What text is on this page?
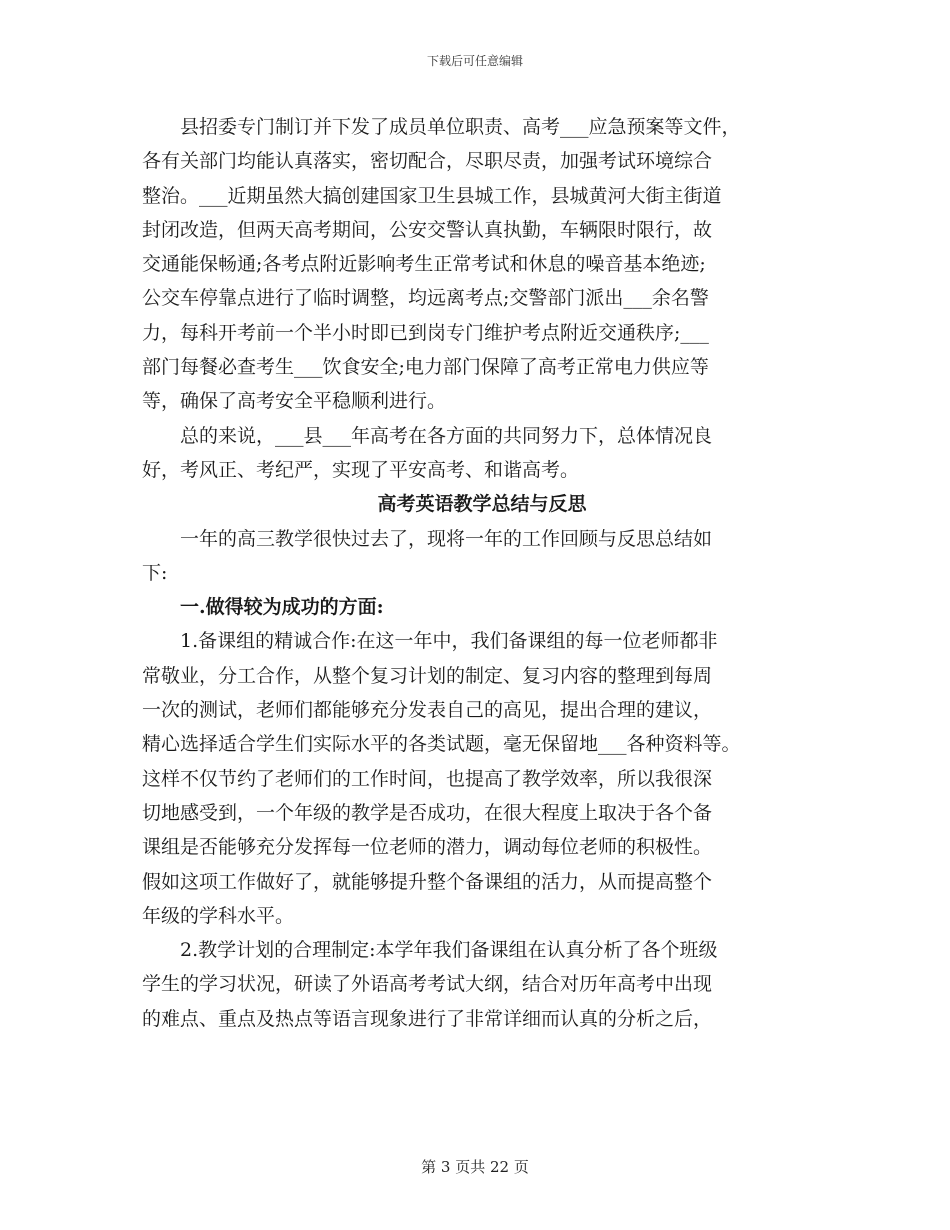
下载后可任意编辑
县招委专门制订并下发了成员单位职责、高考___应急预案等文件，
各有关部门均能认真落实，密切配合，尽职尽责，加强考试环境综合
整治。___近期虽然大搞创建国家卫生县城工作，县城黄河大街主街道
封闭改造，但两天高考期间，公安交警认真执勤，车辆限时限行，故
交通能保畅通;各考点附近影响考生正常考试和休息的噪音基本绝迹;
公交车停靠点进行了临时调整，均远离考点;交警部门派出___余名警
力，每科开考前一个半小时即已到岗专门维护考点附近交通秩序;___
部门每餐必查考生___饮食安全;电力部门保障了高考正常电力供应等
等，确保了高考安全平稳顺利进行。
总的来说，___县___年高考在各方面的共同努力下，总体情况良
好，考风正、考纪严，实现了平安高考、和谐高考。
高考英语教学总结与反思
一年的高三教学很快过去了，现将一年的工作回顾与反思总结如
下:
一.做得较为成功的方面:
1.备课组的精诚合作:在这一年中，我们备课组的每一位老师都非
常敬业，分工合作，从整个复习计划的制定、复习内容的整理到每周
一次的测试，老师们都能够充分发表自己的高见，提出合理的建议，
精心选择适合学生们实际水平的各类试题，毫无保留地___各种资料等。
这样不仅节约了老师们的工作时间，也提高了教学效率，所以我很深
切地感受到，一个年级的教学是否成功，在很大程度上取决于各个备
课组是否能够充分发挥每一位老师的潜力，调动每位老师的积极性。
假如这项工作做好了，就能够提升整个备课组的活力，从而提高整个
年级的学科水平。
2.教学计划的合理制定:本学年我们备课组在认真分析了各个班级
学生的学习状况，研读了外语高考考试大纲，结合对历年高考中出现
的难点、重点及热点等语言现象进行了非常详细而认真的分析之后，
第 3 页共 22 页
